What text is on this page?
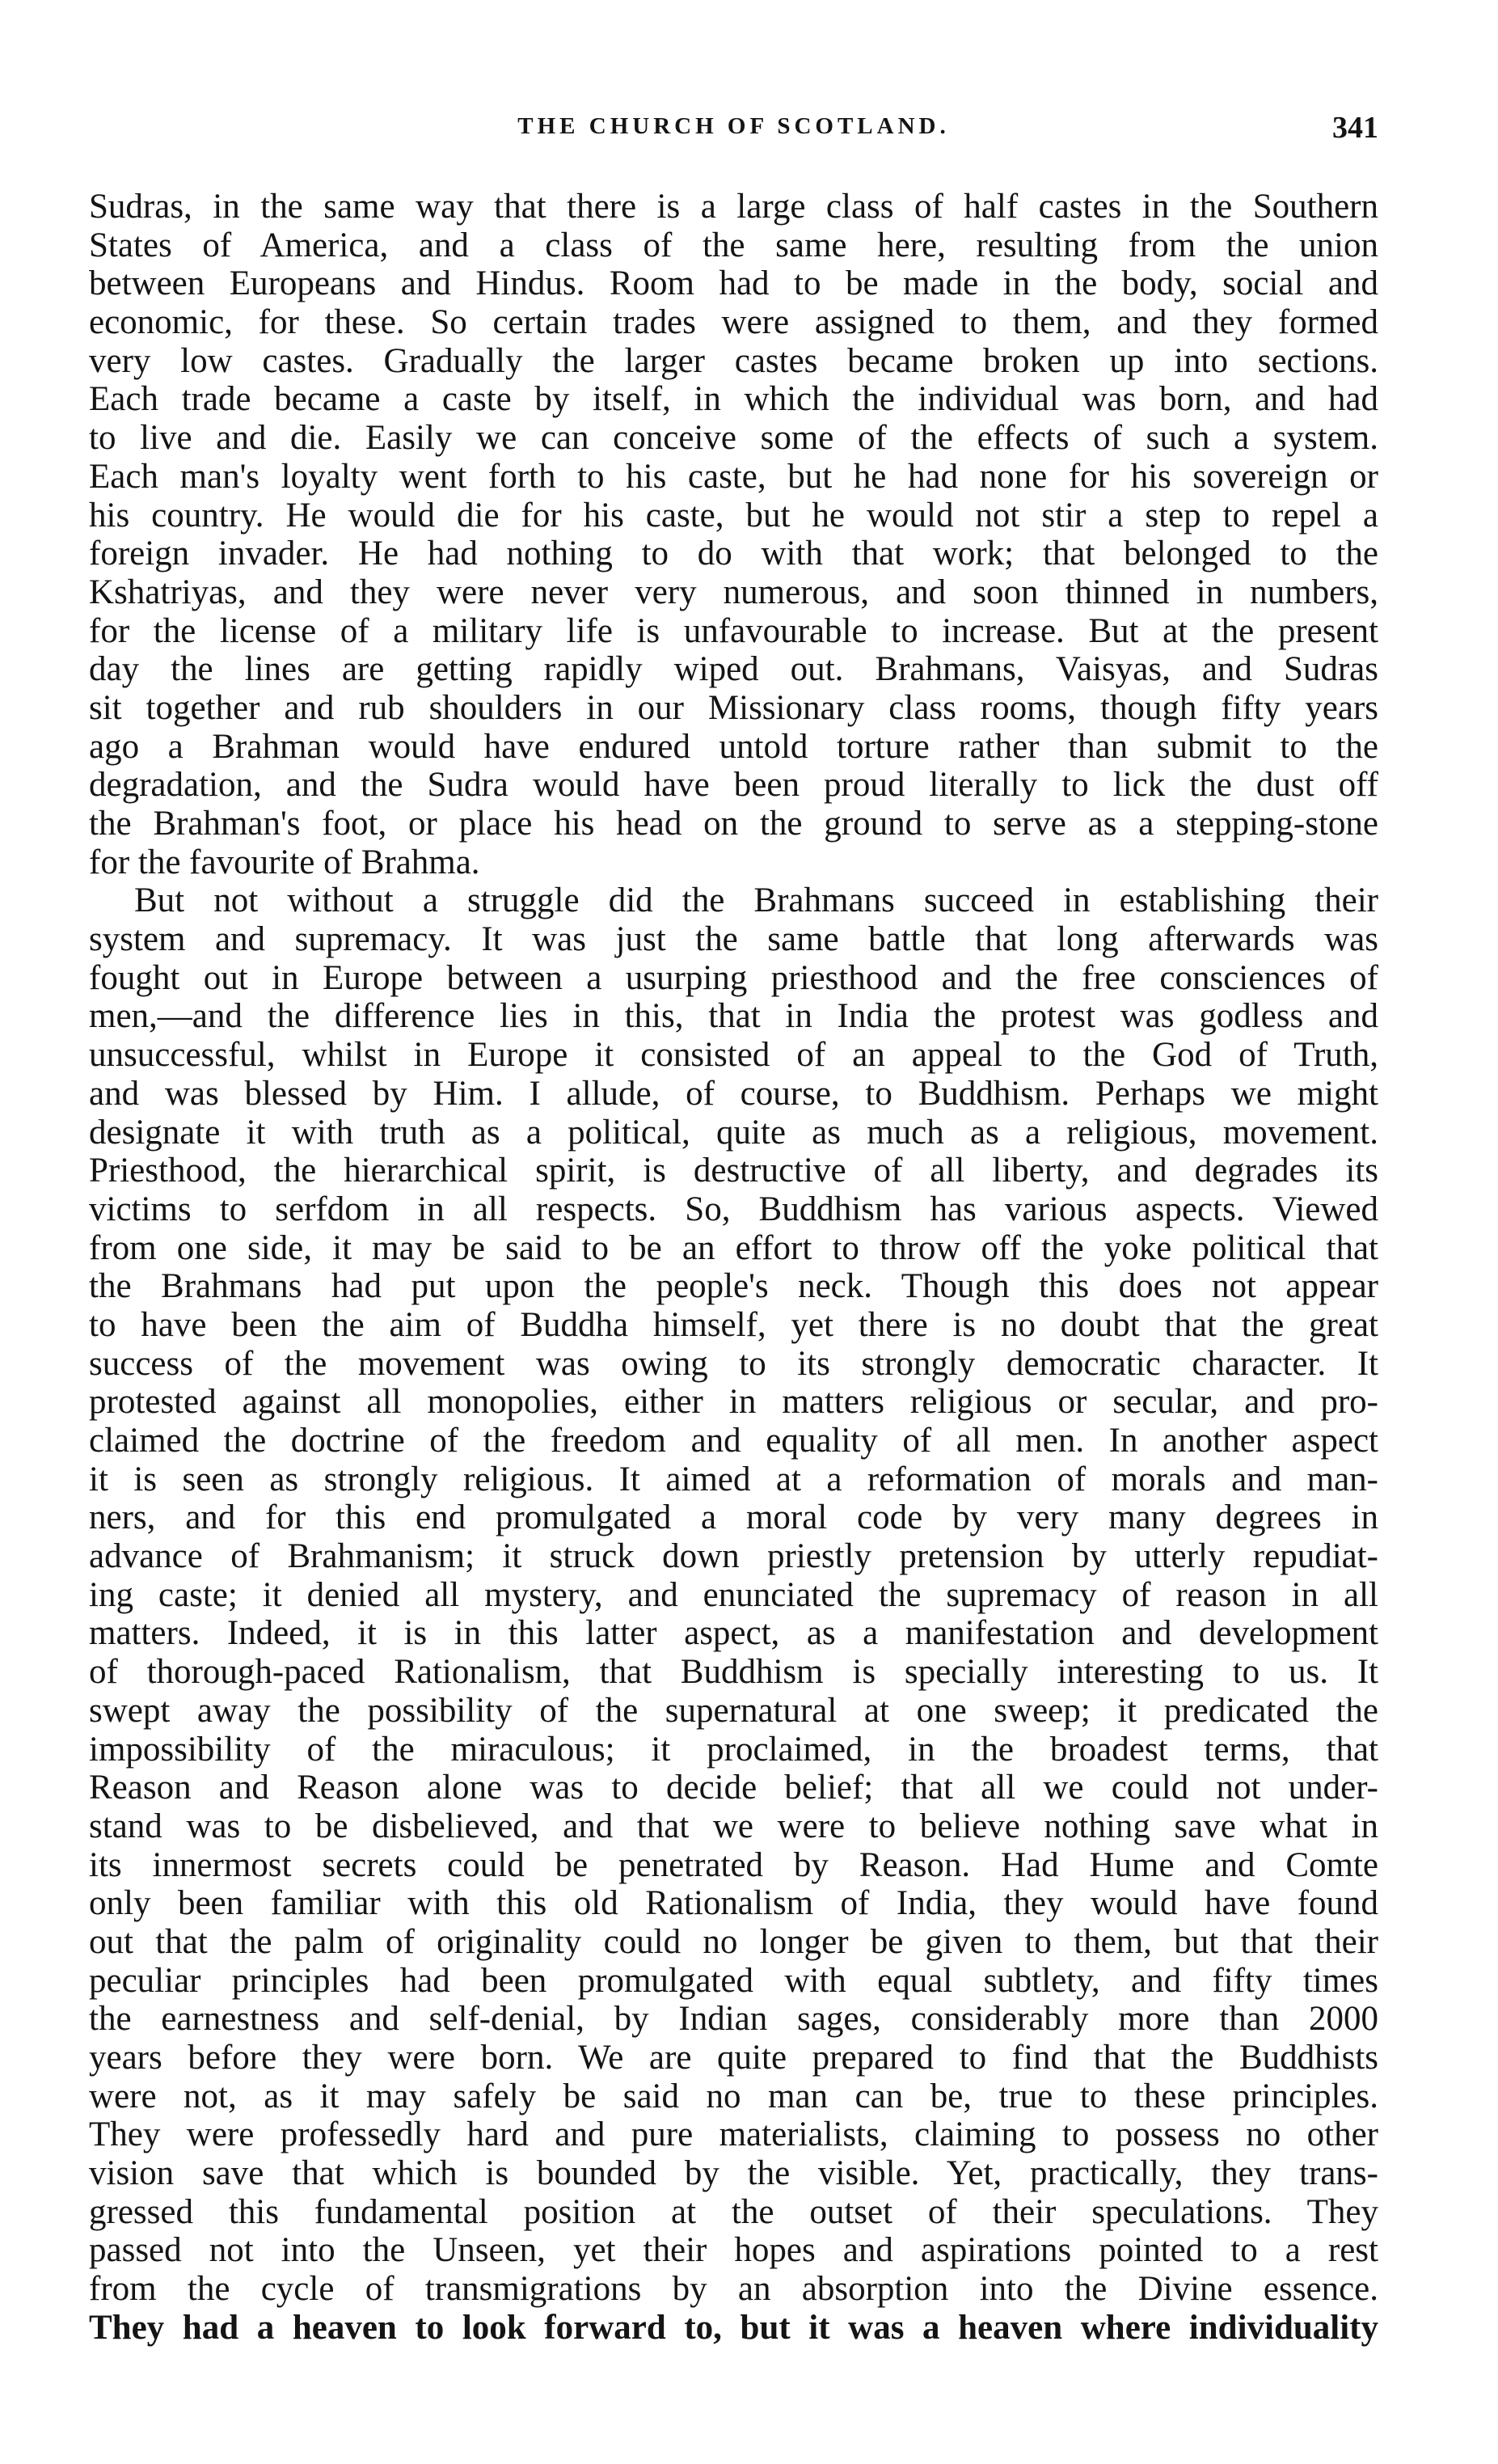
THE CHURCH OF SCOTLAND.	341
Sudras, in the same way that there is a large class of half castes in the Southern
States of America, and a class of the same here, resulting from the union
between Europeans and Hindus. Room had to be made in the body, social and
economic, for these. So certain trades were assigned to them, and they formed
very low castes. Gradually the larger castes became broken up into sections.
Each trade became a caste by itself, in which the individual was born, and had
to live and die. Easily we can conceive some of the effects of such a system.
Each man's loyalty went forth to his caste, but he had none for his sovereign or
his country. He would die for his caste, but he would not stir a step to repel a
foreign invader. He had nothing to do with that work; that belonged to the
Kshatriyas, and they were never very numerous, and soon thinned in numbers,
for the license of a military life is unfavourable to increase. But at the present
day the lines are getting rapidly wiped out. Brahmans, Vaisyas, and Sudras
sit together and rub shoulders in our Missionary class rooms, though fifty years
ago a Brahman would have endured untold torture rather than submit to the
degradation, and the Sudra would have been proud literally to lick the dust off
the Brahman's foot, or place his head on the ground to serve as a stepping-stone
for the favourite of Brahma.
But not without a struggle did the Brahmans succeed in establishing their
system and supremacy. It was just the same battle that long afterwards was
fought out in Europe between a usurping priesthood and the free consciences of
men,—and the difference lies in this, that in India the protest was godless and
unsuccessful, whilst in Europe it consisted of an appeal to the God of Truth,
and was blessed by Him. I allude, of course, to Buddhism. Perhaps we might
designate it with truth as a political, quite as much as a religious, movement.
Priesthood, the hierarchical spirit, is destructive of all liberty, and degrades its
victims to serfdom in all respects. So, Buddhism has various aspects. Viewed
from one side, it may be said to be an effort to throw off the yoke political that
the Brahmans had put upon the people's neck. Though this does not appear
to have been the aim of Buddha himself, yet there is no doubt that the great
success of the movement was owing to its strongly democratic character. It
protested against all monopolies, either in matters religious or secular, and pro-
claimed the doctrine of the freedom and equality of all men. In another aspect
it is seen as strongly religious. It aimed at a reformation of morals and man-
ners, and for this end promulgated a moral code by very many degrees in
advance of Brahmanism; it struck down priestly pretension by utterly repudiat-
ing caste; it denied all mystery, and enunciated the supremacy of reason in all
matters. Indeed, it is in this latter aspect, as a manifestation and development
of thorough-paced Rationalism, that Buddhism is specially interesting to us. It
swept away the possibility of the supernatural at one sweep; it predicated the
impossibility of the miraculous; it proclaimed, in the broadest terms, that
Reason and Reason alone was to decide belief; that all we could not under-
stand was to be disbelieved, and that we were to believe nothing save what in
its innermost secrets could be penetrated by Reason. Had Hume and Comte
only been familiar with this old Rationalism of India, they would have found
out that the palm of originality could no longer be given to them, but that their
peculiar principles had been promulgated with equal subtlety, and fifty times
the earnestness and self-denial, by Indian sages, considerably more than 2000
years before they were born. We are quite prepared to find that the Buddhists
were not, as it may safely be said no man can be, true to these principles.
They were professedly hard and pure materialists, claiming to possess no other
vision save that which is bounded by the visible. Yet, practically, they trans-
gressed this fundamental position at the outset of their speculations. They
passed not into the Unseen, yet their hopes and aspirations pointed to a rest
from the cycle of transmigrations by an absorption into the Divine essence.
They had a heaven to look forward to, but it was a heaven where individuality
